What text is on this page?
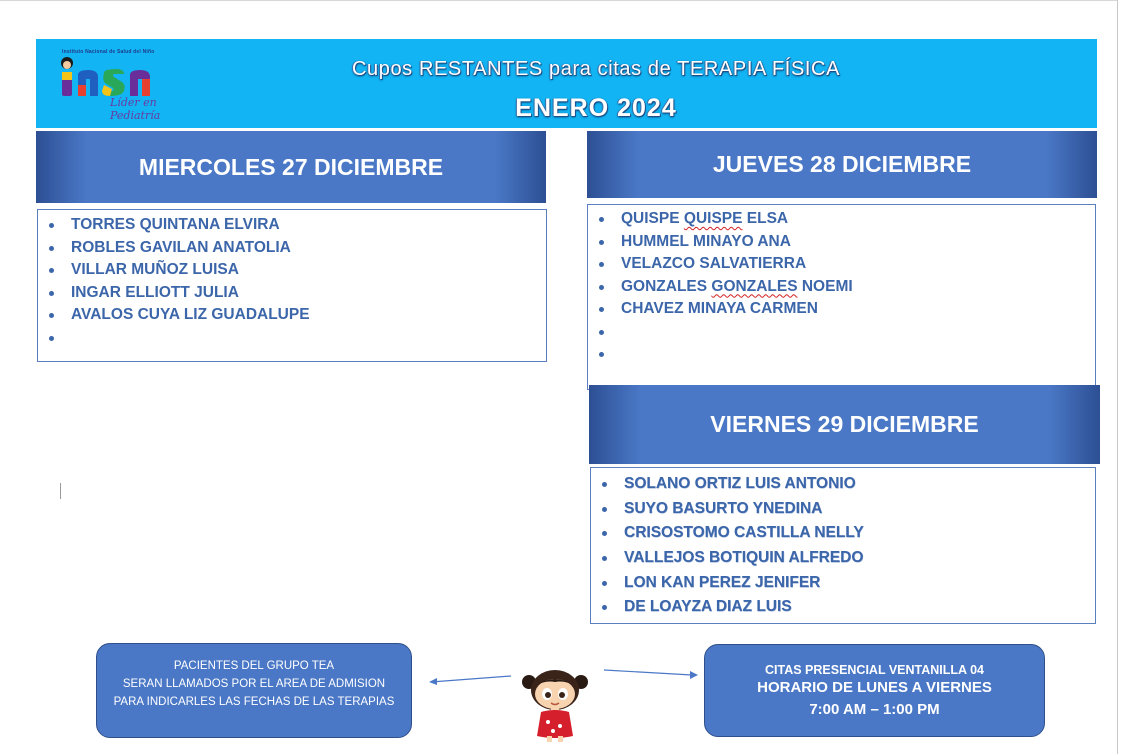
Instituto Nacional de Salud del Niño
Líder en Pediatría
Cupos RESTANTES para citas de TERAPIA FÍSICA
ENERO 2024
MIERCOLES 27 DICIEMBRE
TORRES QUINTANA ELVIRA
ROBLES GAVILAN ANATOLIA
VILLAR MUÑOZ LUISA
INGAR ELLIOTT JULIA
AVALOS CUYA LIZ GUADALUPE
JUEVES 28 DICIEMBRE
QUISPE QUISPE ELSA
HUMMEL MINAYO ANA
VELAZCO SALVATIERRA
GONZALES GONZALES NOEMI
CHAVEZ MINAYA CARMEN
VIERNES 29 DICIEMBRE
SOLANO ORTIZ LUIS ANTONIO
SUYO BASURTO YNEDINA
CRISOSTOMO CASTILLA NELLY
VALLEJOS BOTIQUIN ALFREDO
LON KAN PEREZ JENIFER
DE LOAYZA DIAZ LUIS
PACIENTES DEL GRUPO TEA
SERAN LLAMADOS POR EL AREA DE ADMISION
PARA INDICARLES LAS FECHAS DE LAS TERAPIAS
CITAS PRESENCIAL VENTANILLA 04
HORARIO DE LUNES A VIERNES
7:00 AM – 1:00 PM
